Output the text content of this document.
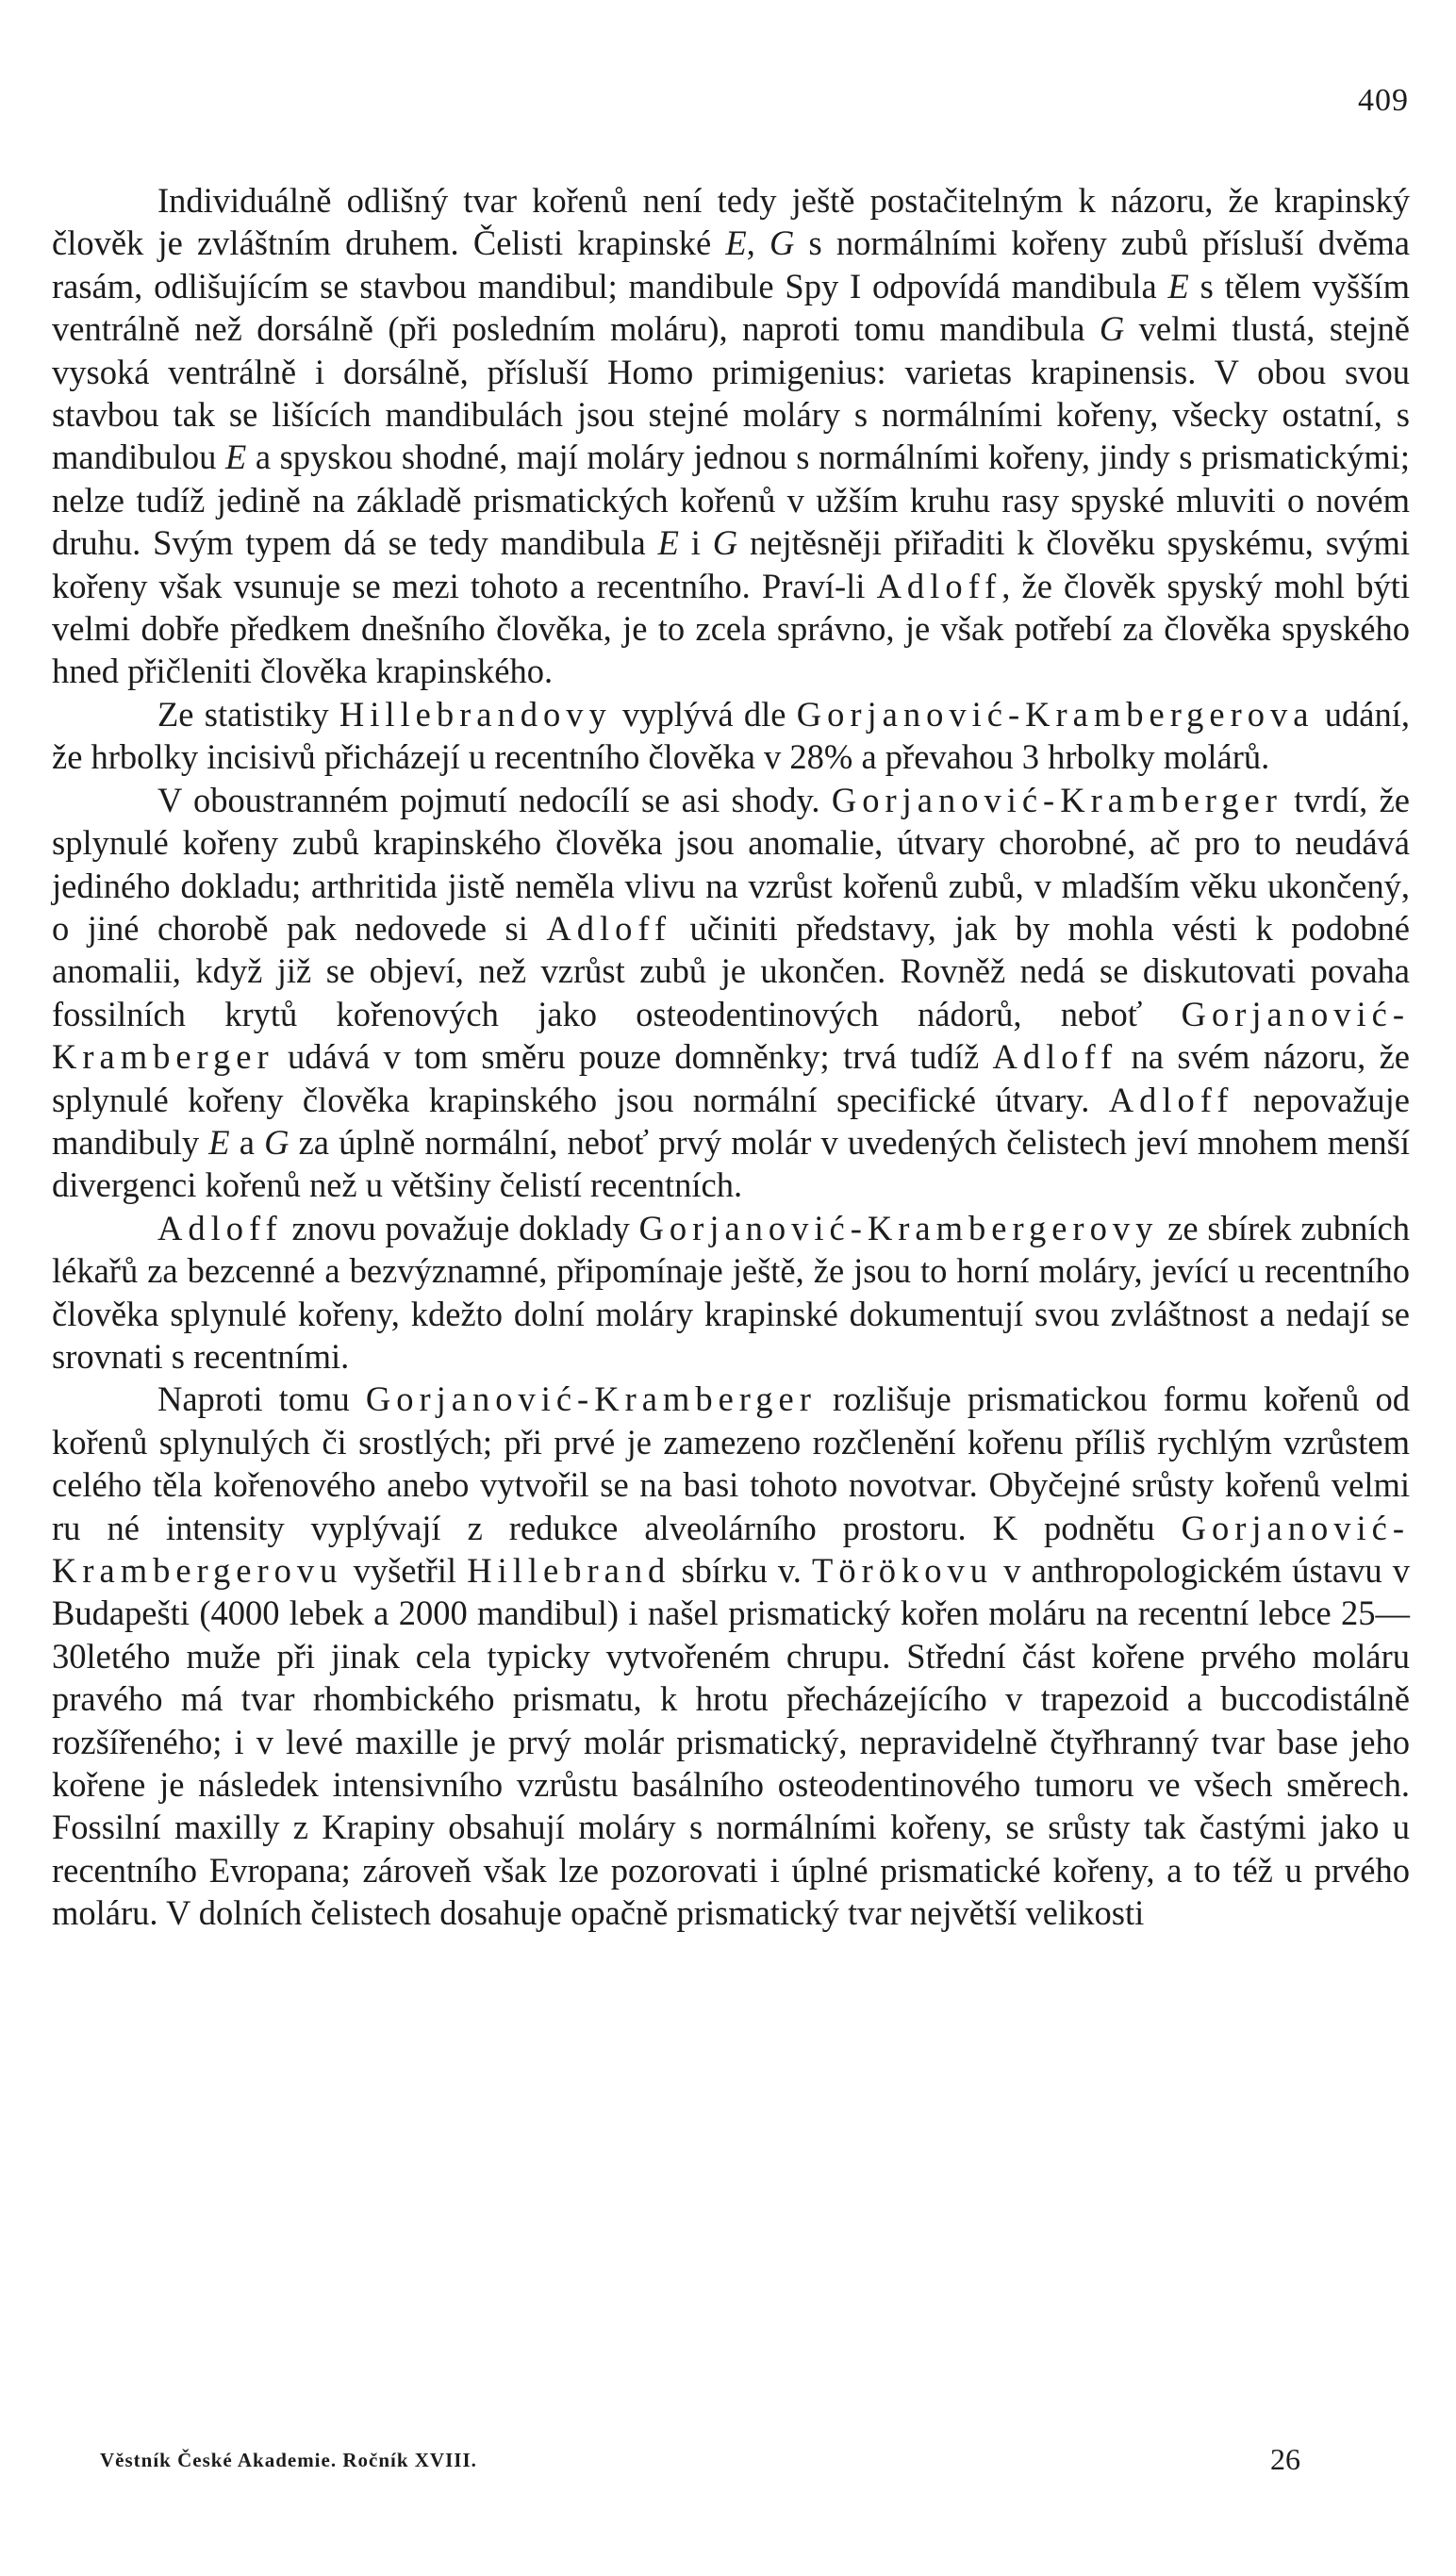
409

Individuálně odlišný tvar kořenů není tedy ještě postačitelným k názoru, že krapinský člověk je zvláštním druhem. Čelisti krapinské E, G s normálními kořeny zubů přísluší dvěma rasám, odlišujícím se stavbou mandibul; mandibule Spy I odpovídá mandibula E s tělem vyšším ventrálně než dorsálně (při posledním moláru), naproti tomu mandibula G velmi tlustá, stejně vysoká ventrálně i dorsálně, přísluší Homo primigenius: varietas krapinensis. V obou svou stavbou tak se lišících mandibulách jsou stejné moláry s normálními kořeny, všecky ostatní, s mandibulou E a spyskou shodné, mají moláry jednou s normálními kořeny, jindy s prismatickými; nelze tudíž jedině na základě prismatických kořenů v užším kruhu rasy spyské mluviti o novém druhu. Svým typem dá se tedy mandibula E i G nejtěsněji přiřaditi k člověku spyskému, svými kořeny však vsunuje se mezi tohoto a recentního. Praví-li Adloff, že člověk spyský mohl býti velmi dobře předkem dnešního člověka, je to zcela správno, je však potřebí za člověka spyského hned přičleniti člověka krapinského.

Ze statistiky Hillebrandovy vyplývá dle Gorjanović-Krambergerova udání, že hrbolky incisivů přicházejí u recentního člověka v 28% a převahou 3 hrbolky molárů.

V oboustranném pojmutí nedocílí se asi shody. Gorjanović-Kramberger tvrdí, že splynulé kořeny zubů krapinského člověka jsou anomalie, útvary chorobné, ač pro to neudává jediného dokladu; arthritida jistě neměla vlivu na vzrůst kořenů zubů, v mladším věku ukončený, o jiné chorobě pak nedovede si Adloff učiniti představy, jak by mohla vésti k podobné anomalii, když již se objeví, než vzrůst zubů je ukončen. Rovněž nedá se diskutovati povaha fossilních krytů kořenových jako osteodentinových nádorů, neboť Gorjanović-Kramberger udává v tom směru pouze domněnky; trvá tudíž Adloff na svém názoru, že splynulé kořeny člověka krapinského jsou normální specifické útvary. Adloff nepovažuje mandibuly E a G za úplně normální, neboť prvý molár v uvedených čelistech jeví mnohem menší divergenci kořenů než u většiny čelistí recentních.

Adloff znovu považuje doklady Gorjanović-Krambergerovy ze sbírek zubních lékařů za bezcenné a bezvýznamné, připomínaje ještě, že jsou to horní moláry, jevící u recentního člověka splynulé kořeny, kdežto dolní moláry krapinské dokumentují svou zvláštnost a nedají se srovnati s recentními.

Naproti tomu Gorjanović-Kramberger rozlišuje prismatickou formu kořenů od kořenů splynulých či srostlých; při prvé je zamezeno rozčlenění kořenu příliš rychlým vzrůstem celého těla kořenového anebo vytvořil se na basi tohoto novotvar. Obyčejné srůsty kořenů velmi ru né intensity vyplývají z redukce alveolárního prostoru. K podnětu Gorjanović-Krambergerovu vyšetřil Hillebrand sbírku v. Törökovu v anthropologickém ústavu v Budapešti (4000 lebek a 2000 mandibul) i našel prismatický kořen moláru na recentní lebce 25—30letého muže při jinak cela typicky vytvořeném chrupu. Střední část kořene prvého moláru pravého má tvar rhombického prismatu, k hrotu přecházejícího v trapezoid a buccodistálně rozšířeného; i v levé maxille je prvý molár prismatický, nepravidelně čtyřhranný tvar base jeho kořene je následek intensivního vzrůstu basálního osteodentinového tumoru ve všech směrech. Fossilní maxilly z Krapiny obsahují moláry s normálními kořeny, se srůsty tak častými jako u recentního Evropana; zároveň však lze pozorovati i úplné prismatické kořeny, a to též u prvého moláru. V dolních čelistech dosahuje opačně prismatický tvar největší velikosti

Věstník České Akademie. Ročník XVIII.	26
